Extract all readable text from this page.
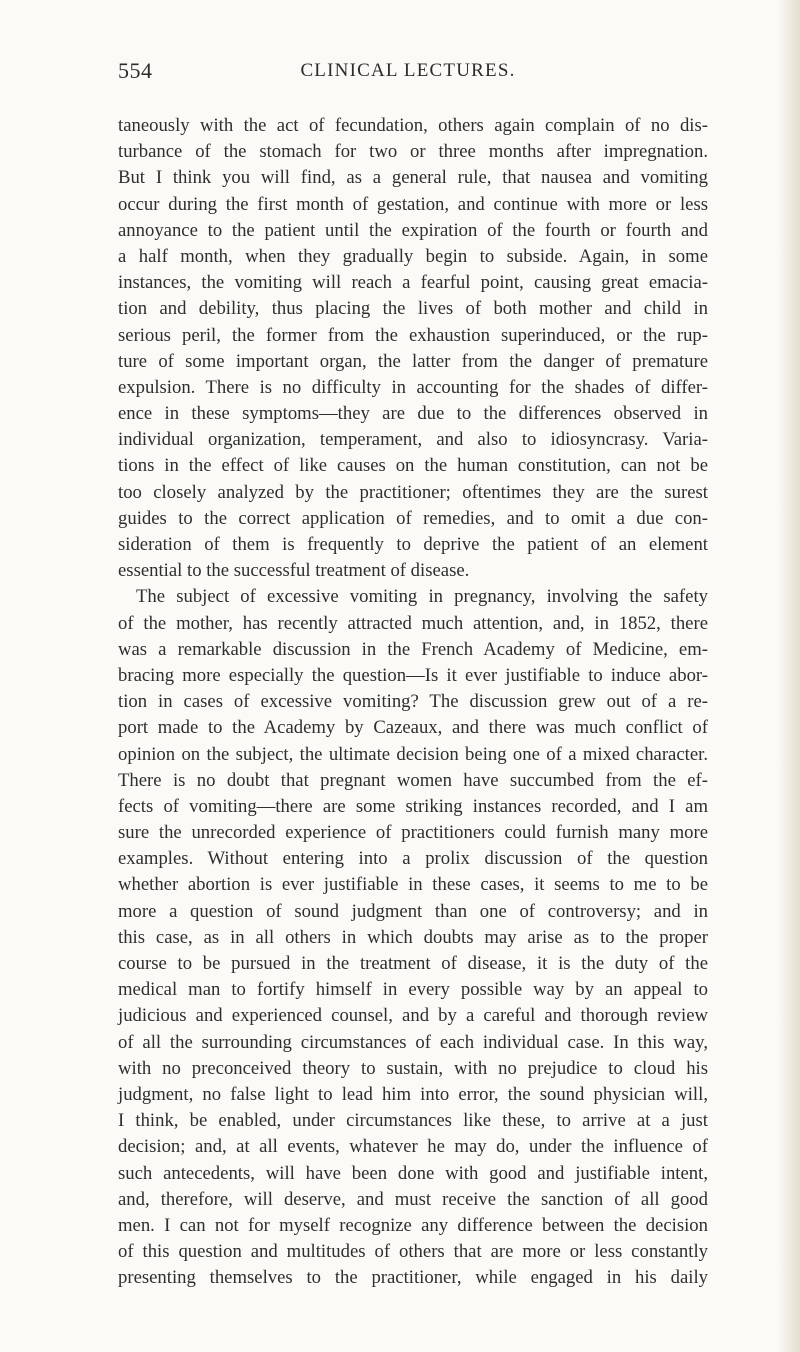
554	CLINICAL LECTURES.
taneously with the act of fecundation, others again complain of no dis-
turbance of the stomach for two or three months after impregnation.
But I think you will find, as a general rule, that nausea and vomiting
occur during the first month of gestation, and continue with more or less
annoyance to the patient until the expiration of the fourth or fourth and
a half month, when they gradually begin to subside. Again, in some
instances, the vomiting will reach a fearful point, causing great emacia-
tion and debility, thus placing the lives of both mother and child in
serious peril, the former from the exhaustion superinduced, or the rup-
ture of some important organ, the latter from the danger of premature
expulsion. There is no difficulty in accounting for the shades of differ-
ence in these symptoms—they are due to the differences observed in
individual organization, temperament, and also to idiosyncrasy. Varia-
tions in the effect of like causes on the human constitution, can not be
too closely analyzed by the practitioner; oftentimes they are the surest
guides to the correct application of remedies, and to omit a due con-
sideration of them is frequently to deprive the patient of an element
essential to the successful treatment of disease.
The subject of excessive vomiting in pregnancy, involving the safety
of the mother, has recently attracted much attention, and, in 1852, there
was a remarkable discussion in the French Academy of Medicine, em-
bracing more especially the question—Is it ever justifiable to induce abor-
tion in cases of excessive vomiting? The discussion grew out of a re-
port made to the Academy by Cazeaux, and there was much conflict of
opinion on the subject, the ultimate decision being one of a mixed character.
There is no doubt that pregnant women have succumbed from the ef-
fects of vomiting—there are some striking instances recorded, and I am
sure the unrecorded experience of practitioners could furnish many more
examples. Without entering into a prolix discussion of the question
whether abortion is ever justifiable in these cases, it seems to me to be
more a question of sound judgment than one of controversy; and in
this case, as in all others in which doubts may arise as to the proper
course to be pursued in the treatment of disease, it is the duty of the
medical man to fortify himself in every possible way by an appeal to
judicious and experienced counsel, and by a careful and thorough review
of all the surrounding circumstances of each individual case. In this way,
with no preconceived theory to sustain, with no prejudice to cloud his
judgment, no false light to lead him into error, the sound physician will,
I think, be enabled, under circumstances like these, to arrive at a just
decision; and, at all events, whatever he may do, under the influence of
such antecedents, will have been done with good and justifiable intent,
and, therefore, will deserve, and must receive the sanction of all good
men. I can not for myself recognize any difference between the decision
of this question and multitudes of others that are more or less constantly
presenting themselves to the practitioner, while engaged in his daily
